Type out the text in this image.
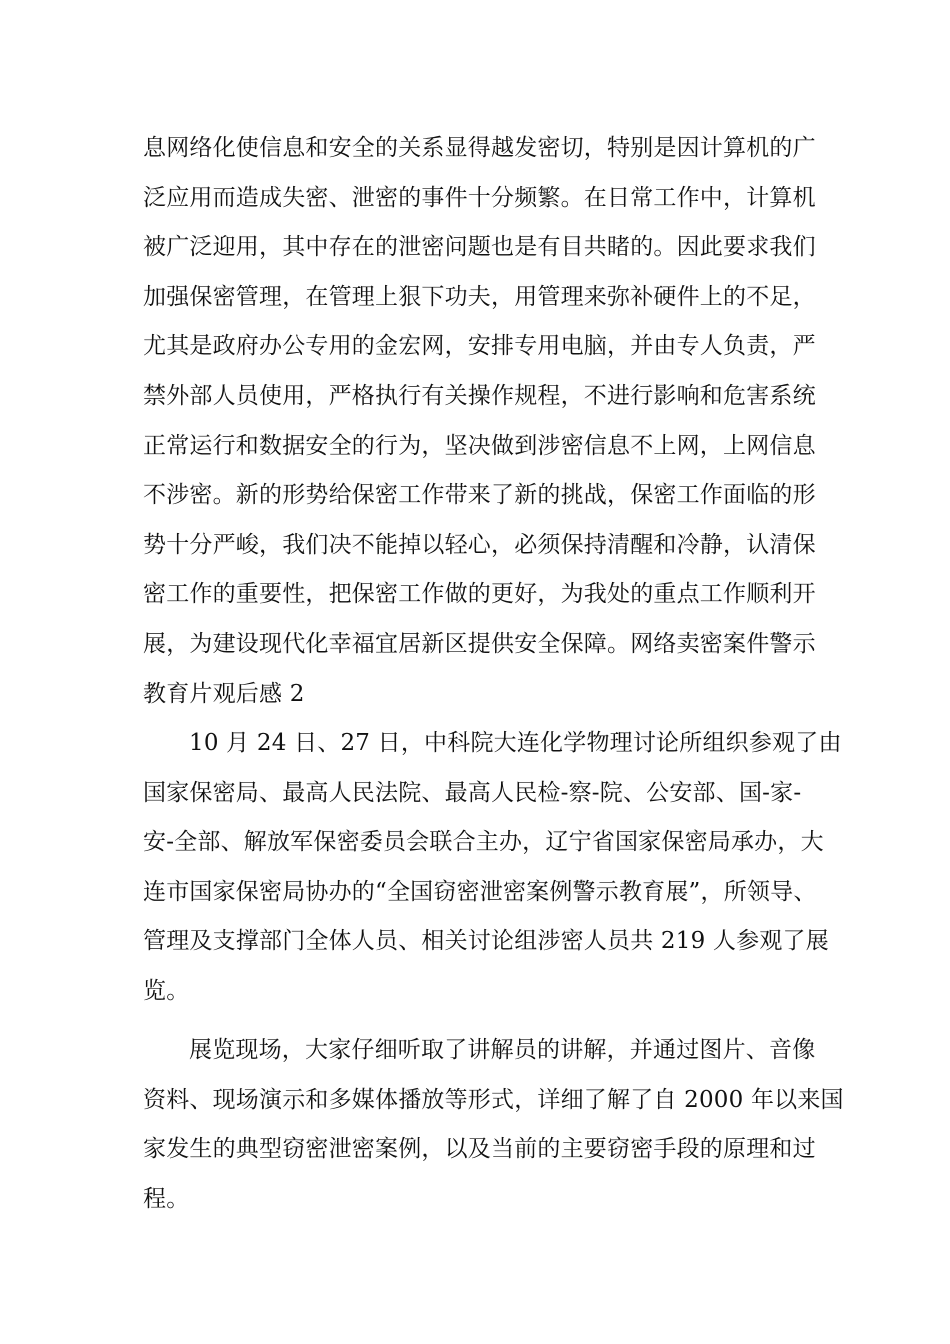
息网络化使信息和安全的关系显得越发密切，特别是因计算机的广
泛应用而造成失密、泄密的事件十分频繁。在日常工作中，计算机
被广泛迎用，其中存在的泄密问题也是有目共睹的。因此要求我们
加强保密管理，在管理上狠下功夫，用管理来弥补硬件上的不足，
尤其是政府办公专用的金宏网，安排专用电脑，并由专人负责，严
禁外部人员使用，严格执行有关操作规程，不进行影响和危害系统
正常运行和数据安全的行为，坚决做到涉密信息不上网，上网信息
不涉密。新的形势给保密工作带来了新的挑战，保密工作面临的形
势十分严峻，我们决不能掉以轻心，必须保持清醒和冷静，认清保
密工作的重要性，把保密工作做的更好，为我处的重点工作顺利开
展，为建设现代化幸福宜居新区提供安全保障。网络卖密案件警示
教育片观后感 2
10 月 24 日、27 日，中科院大连化学物理讨论所组织参观了由
国家保密局、最高人民法院、最高人民检-察-院、公安部、国-家-
安-全部、解放军保密委员会联合主办，辽宁省国家保密局承办，大
连市国家保密局协办的“全国窃密泄密案例警示教育展”，所领导、
管理及支撑部门全体人员、相关讨论组涉密人员共 219 人参观了展
览。
展览现场，大家仔细听取了讲解员的讲解，并通过图片、音像
资料、现场演示和多媒体播放等形式，详细了解了自 2000 年以来国
家发生的典型窃密泄密案例，以及当前的主要窃密手段的原理和过
程。
